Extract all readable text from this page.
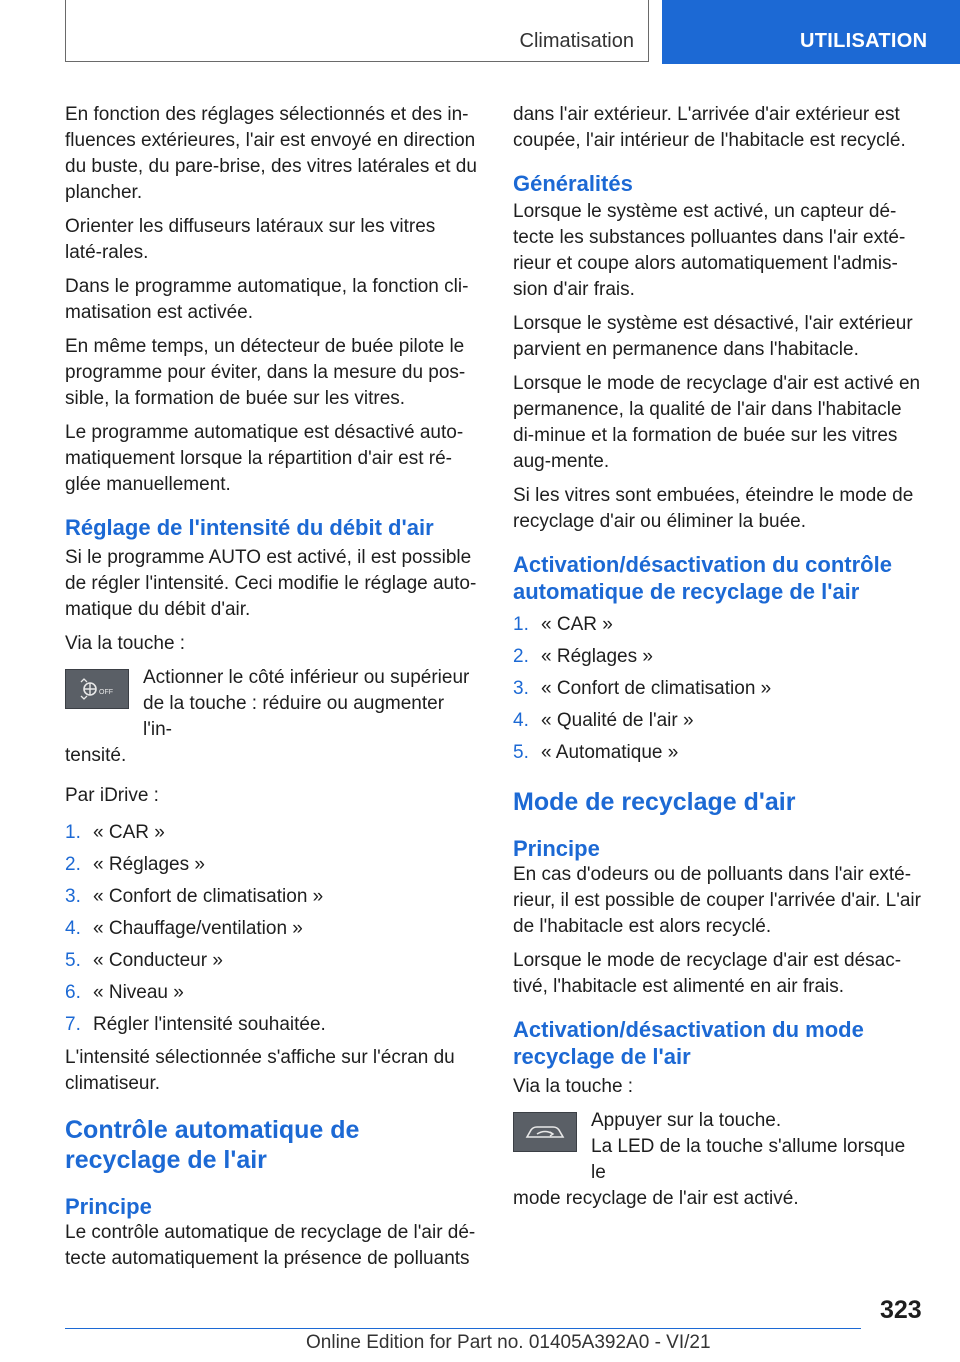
Climatisation	UTILISATION

En fonction des réglages sélectionnés et des in-fluences extérieures, l'air est envoyé en direction du buste, du pare-brise, des vitres latérales et du plancher.

Orienter les diffuseurs latéraux sur les vitres laté-rales.

Dans le programme automatique, la fonction cli-matisation est activée.

En même temps, un détecteur de buée pilote le programme pour éviter, dans la mesure du pos-sible, la formation de buée sur les vitres.

Le programme automatique est désactivé auto-matiquement lorsque la répartition d'air est ré-glée manuellement.

Réglage de l'intensité du débit d'air

Si le programme AUTO est activé, il est possible de régler l'intensité. Ceci modifie le réglage auto-matique du débit d'air.

Via la touche :

OFF
Actionner le côté inférieur ou supérieur
de la touche : réduire ou augmenter l'in-
tensité.

Par iDrive :

1. « CAR »
2. « Réglages »
3. « Confort de climatisation »
4. « Chauffage/ventilation »
5. « Conducteur »
6. « Niveau »
7. Régler l'intensité souhaitée.

L'intensité sélectionnée s'affiche sur l'écran du climatiseur.

Contrôle automatique de recyclage de l'air
Principe

Le contrôle automatique de recyclage de l'air dé-tecte automatiquement la présence de polluants

dans l'air extérieur. L'arrivée d'air extérieur est coupée, l'air intérieur de l'habitacle est recyclé.

Généralités

Lorsque le système est activé, un capteur dé-tecte les substances polluantes dans l'air exté-rieur et coupe alors automatiquement l'admis-sion d'air frais.

Lorsque le système est désactivé, l'air extérieur parvient en permanence dans l'habitacle.

Lorsque le mode de recyclage d'air est activé en permanence, la qualité de l'air dans l'habitacle di-minue et la formation de buée sur les vitres aug-mente.

Si les vitres sont embuées, éteindre le mode de recyclage d'air ou éliminer la buée.

Activation/désactivation du contrôle automatique de recyclage de l'air
1. « CAR »
2. « Réglages »
3. « Confort de climatisation »
4. « Qualité de l'air »
5. « Automatique »
Mode de recyclage d'air
Principe

En cas d'odeurs ou de polluants dans l'air exté-rieur, il est possible de couper l'arrivée d'air. L'air de l'habitacle est alors recyclé.

Lorsque le mode de recyclage d'air est désac-tivé, l'habitacle est alimenté en air frais.

Activation/désactivation du mode recyclage de l'air

Via la touche :

Appuyer sur la touche.
La LED de la touche s'allume lorsque le
mode recyclage de l'air est activé.
323
Online Edition for Part no. 01405A392A0 - VI/21
